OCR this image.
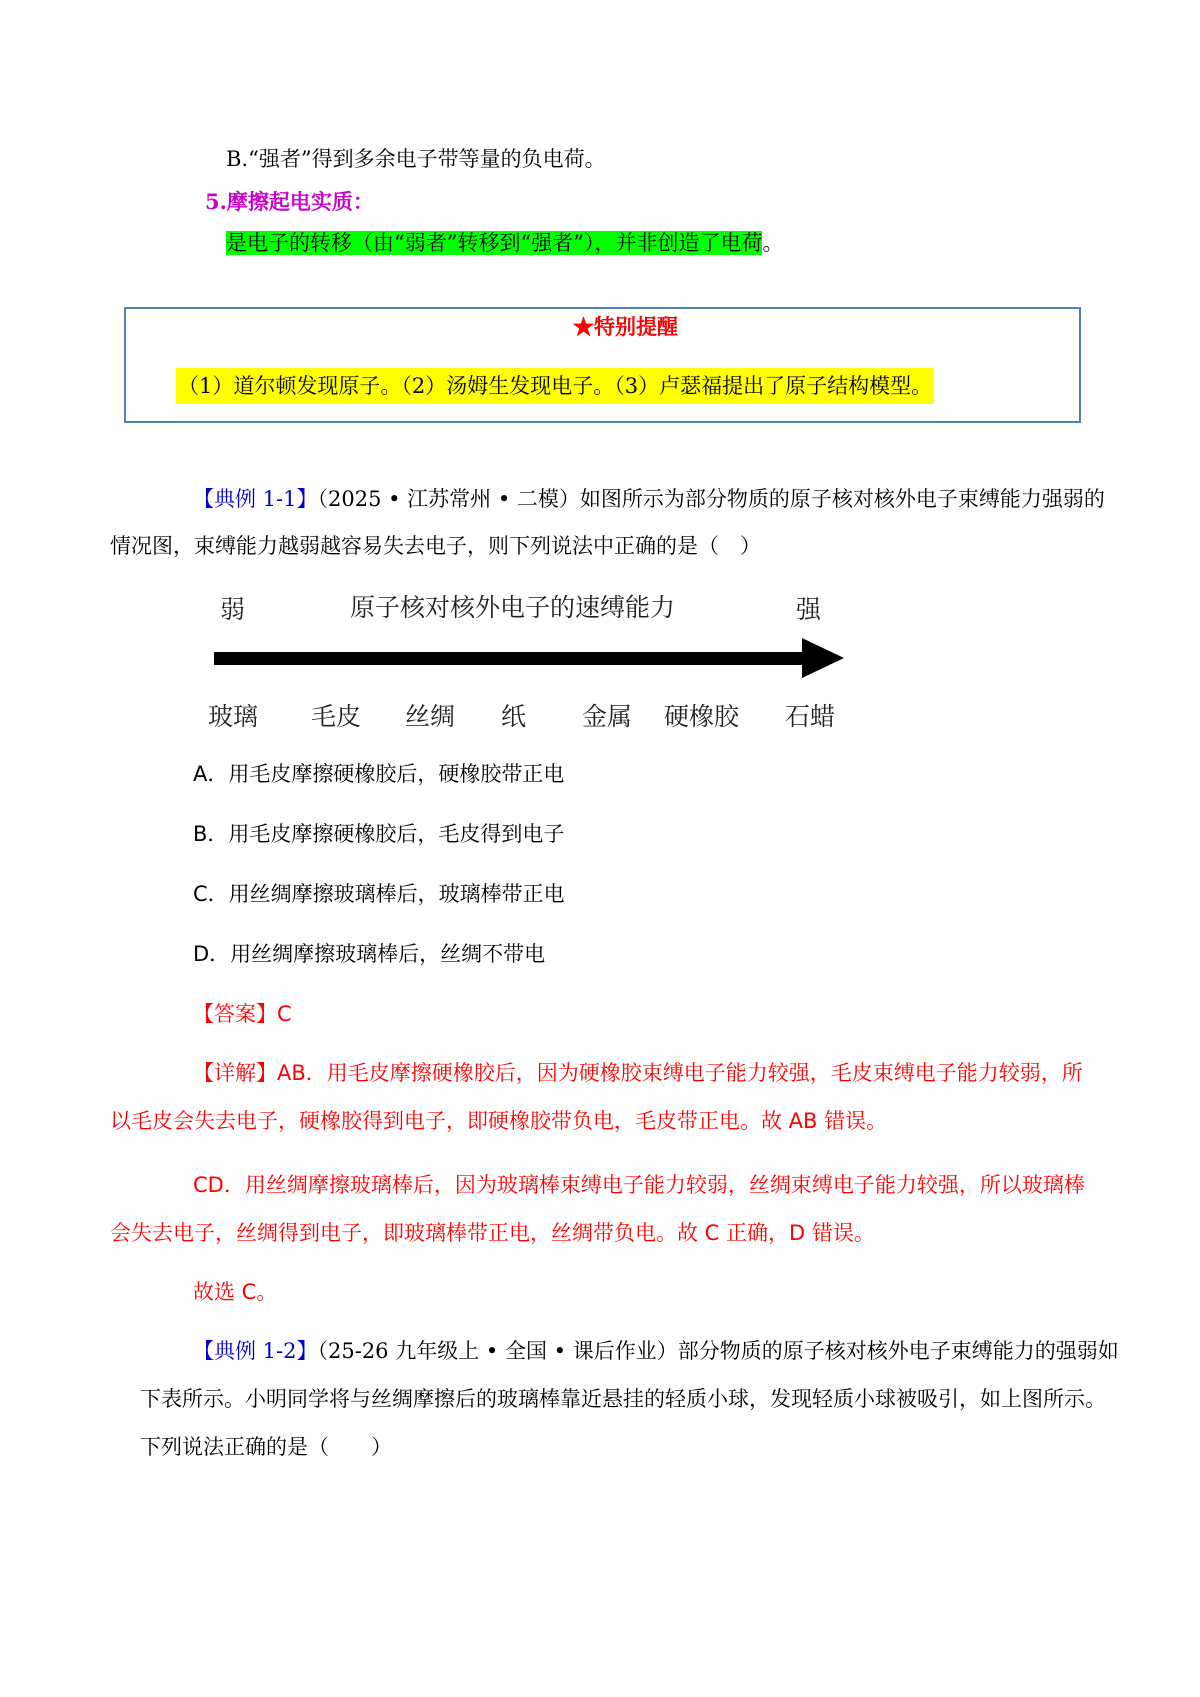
B.“强者”得到多余电子带等量的负电荷。
5.摩擦起电实质：
是电子的转移（由“弱者”转移到“强者”），并非创造了电荷。
★特别提醒
（1）道尔顿发现原子。（2）汤姆生发现电子。（3）卢瑟福提出了原子结构模型。
【典例 1-1】（2025 • 江苏常州 • 二模）如图所示为部分物质的原子核对核外电子束缚能力强弱的
情况图，束缚能力越弱越容易失去电子，则下列说法中正确的是（　）
弱	原子核对核外电子的速缚能力	强
玻璃 毛皮 丝绸 纸 金属 硬橡胶 石蜡
A．用毛皮摩擦硬橡胶后，硬橡胶带正电
B．用毛皮摩擦硬橡胶后，毛皮得到电子
C．用丝绸摩擦玻璃棒后，玻璃棒带正电
D．用丝绸摩擦玻璃棒后，丝绸不带电
【答案】C
【详解】AB．用毛皮摩擦硬橡胶后，因为硬橡胶束缚电子能力较强，毛皮束缚电子能力较弱，所
以毛皮会失去电子，硬橡胶得到电子，即硬橡胶带负电，毛皮带正电。故 AB 错误。
CD．用丝绸摩擦玻璃棒后，因为玻璃棒束缚电子能力较弱，丝绸束缚电子能力较强，所以玻璃棒
会失去电子，丝绸得到电子，即玻璃棒带正电，丝绸带负电。故 C 正确，D 错误。
故选 C。
【典例 1-2】（25-26 九年级上 • 全国 • 课后作业）部分物质的原子核对核外电子束缚能力的强弱如
下表所示。小明同学将与丝绸摩擦后的玻璃棒靠近悬挂的轻质小球，发现轻质小球被吸引，如上图所示。
下列说法正确的是（　　）
